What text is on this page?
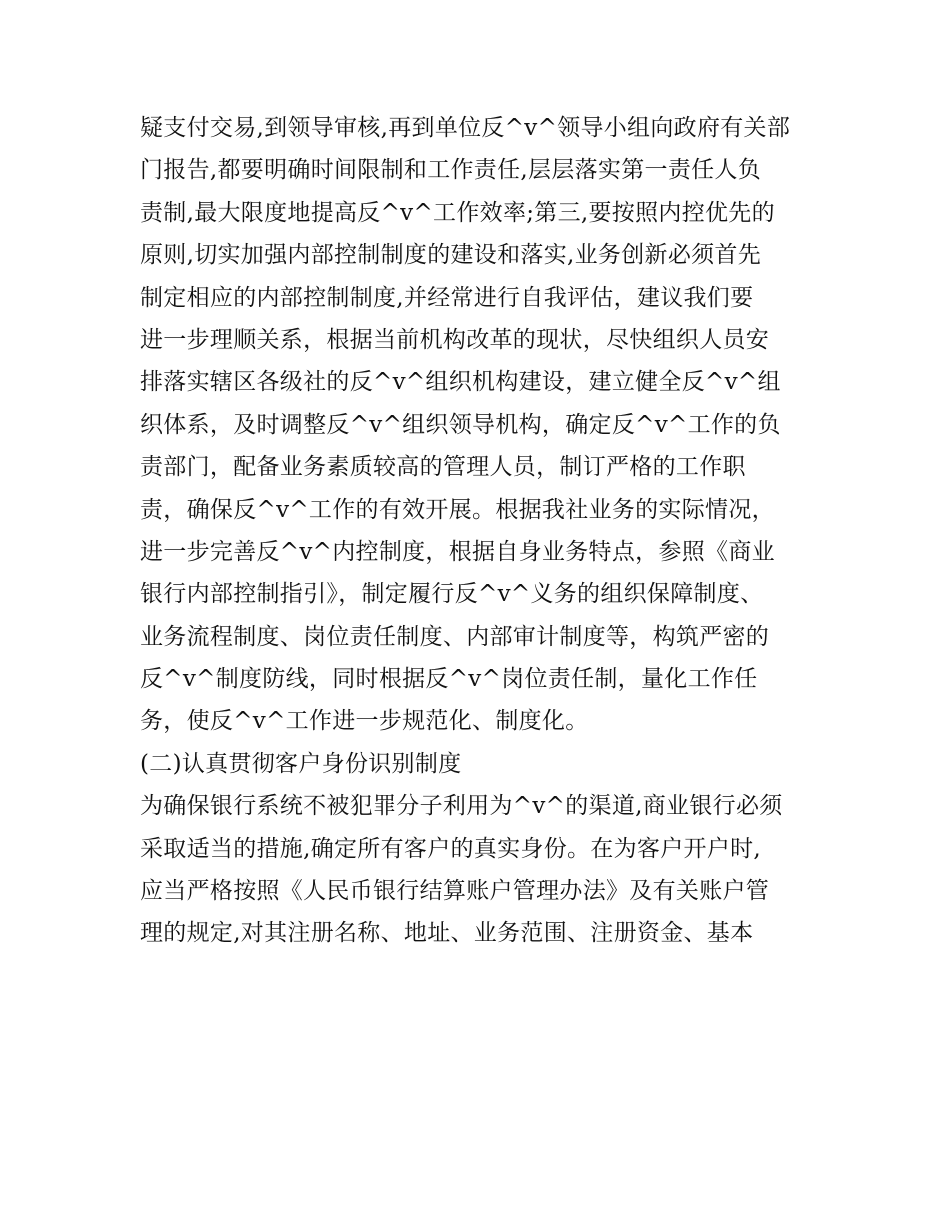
疑支付交易,到领导审核,再到单位反^v^领导小组向政府有关部
门报告,都要明确时间限制和工作责任,层层落实第一责任人负
责制,最大限度地提高反^v^工作效率;第三,要按照内控优先的
原则,切实加强内部控制制度的建设和落实,业务创新必须首先
制定相应的内部控制制度,并经常进行自我评估，建议我们要
进一步理顺关系，根据当前机构改革的现状，尽快组织人员安
排落实辖区各级社的反^v^组织机构建设，建立健全反^v^组
织体系，及时调整反^v^组织领导机构，确定反^v^工作的负
责部门，配备业务素质较高的管理人员，制订严格的工作职
责，确保反^v^工作的有效开展。根据我社业务的实际情况，
进一步完善反^v^内控制度，根据自身业务特点，参照《商业
银行内部控制指引》，制定履行反^v^义务的组织保障制度、
业务流程制度、岗位责任制度、内部审计制度等，构筑严密的
反^v^制度防线，同时根据反^v^岗位责任制，量化工作任
务，使反^v^工作进一步规范化、制度化。
(二)认真贯彻客户身份识别制度
为确保银行系统不被犯罪分子利用为^v^的渠道,商业银行必须
采取适当的措施,确定所有客户的真实身份。在为客户开户时,
应当严格按照《人民币银行结算账户管理办法》及有关账户管
理的规定,对其注册名称、地址、业务范围、注册资金、基本
